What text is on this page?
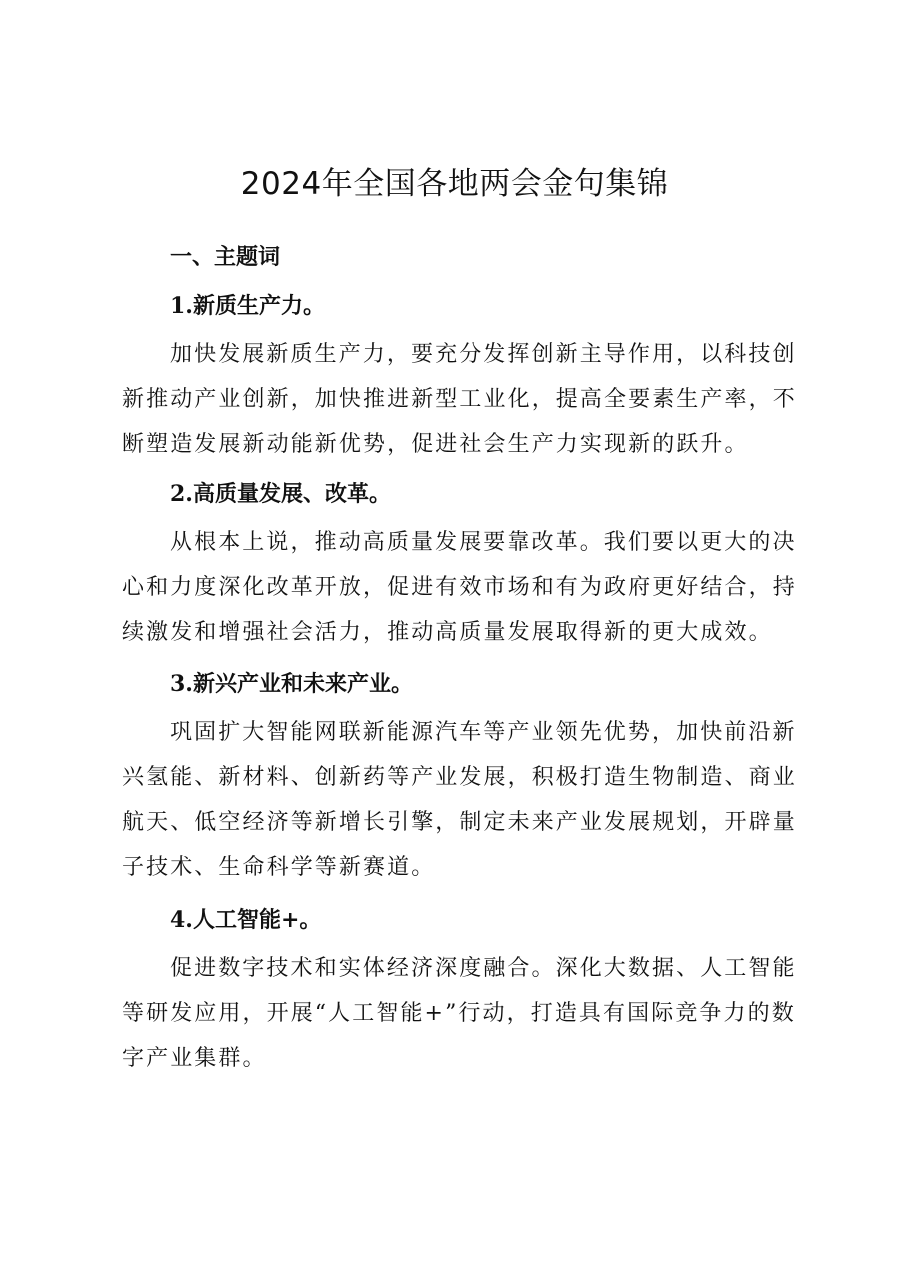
2024年全国各地两会金句集锦
一、主题词
1.新质生产力。

加快发展新质生产力，要充分发挥创新主导作用，以科技创新推动产业创新，加快推进新型工业化，提高全要素生产率，不断塑造发展新动能新优势，促进社会生产力实现新的跃升。

2.高质量发展、改革。

从根本上说，推动高质量发展要靠改革。我们要以更大的决心和力度深化改革开放，促进有效市场和有为政府更好结合，持续激发和增强社会活力，推动高质量发展取得新的更大成效。

3.新兴产业和未来产业。

巩固扩大智能网联新能源汽车等产业领先优势，加快前沿新兴氢能、新材料、创新药等产业发展，积极打造生物制造、商业航天、低空经济等新增长引擎，制定未来产业发展规划，开辟量子技术、生命科学等新赛道。

4.人工智能+。

促进数字技术和实体经济深度融合。深化大数据、人工智能等研发应用，开展“人工智能+”行动，打造具有国际竞争力的数字产业集群。
